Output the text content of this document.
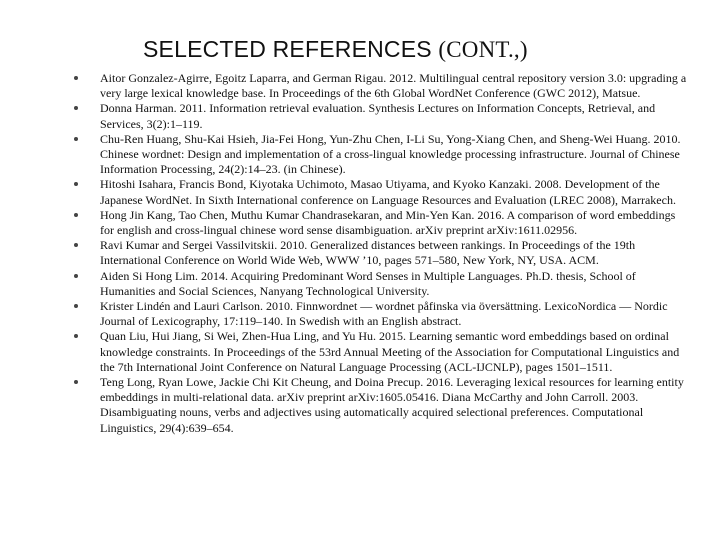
SELECTED REFERENCES (CONT.,)
Aitor Gonzalez-Agirre, Egoitz Laparra, and German Rigau. 2012. Multilingual central repository version 3.0: upgrading a very large lexical knowledge base. In Proceedings of the 6th Global WordNet Conference (GWC 2012), Matsue.
Donna Harman. 2011. Information retrieval evaluation. Synthesis Lectures on Information Concepts, Retrieval, and Services, 3(2):1–119.
Chu-Ren Huang, Shu-Kai Hsieh, Jia-Fei Hong, Yun-Zhu Chen, I-Li Su, Yong-Xiang Chen, and Sheng-Wei Huang. 2010. Chinese wordnet: Design and implementation of a cross-lingual knowledge processing infrastructure. Journal of Chinese Information Processing, 24(2):14–23. (in Chinese).
Hitoshi Isahara, Francis Bond, Kiyotaka Uchimoto, Masao Utiyama, and Kyoko Kanzaki. 2008. Development of the Japanese WordNet. In Sixth International conference on Language Resources and Evaluation (LREC 2008), Marrakech.
Hong Jin Kang, Tao Chen, Muthu Kumar Chandrasekaran, and Min-Yen Kan. 2016. A comparison of word embeddings for english and cross-lingual chinese word sense disambiguation. arXiv preprint arXiv:1611.02956.
Ravi Kumar and Sergei Vassilvitskii. 2010. Generalized distances between rankings. In Proceedings of the 19th International Conference on World Wide Web, WWW ’10, pages 571–580, New York, NY, USA. ACM.
Aiden Si Hong Lim. 2014. Acquiring Predominant Word Senses in Multiple Languages. Ph.D. thesis, School of Humanities and Social Sciences, Nanyang Technological University.
Krister Lindén and Lauri Carlson. 2010. Finnwordnet — wordnet påfinska via översättning. LexicoNordica — Nordic Journal of Lexicography, 17:119–140. In Swedish with an English abstract.
Quan Liu, Hui Jiang, Si Wei, Zhen-Hua Ling, and Yu Hu. 2015. Learning semantic word embeddings based on ordinal knowledge constraints. In Proceedings of the 53rd Annual Meeting of the Association for Computational Linguistics and the 7th International Joint Conference on Natural Language Processing (ACL-IJCNLP), pages 1501–1511.
Teng Long, Ryan Lowe, Jackie Chi Kit Cheung, and Doina Precup. 2016. Leveraging lexical resources for learning entity embeddings in multi-relational data. arXiv preprint arXiv:1605.05416. Diana McCarthy and John Carroll. 2003. Disambiguating nouns, verbs and adjectives using automatically acquired selectional preferences. Computational Linguistics, 29(4):639–654.
